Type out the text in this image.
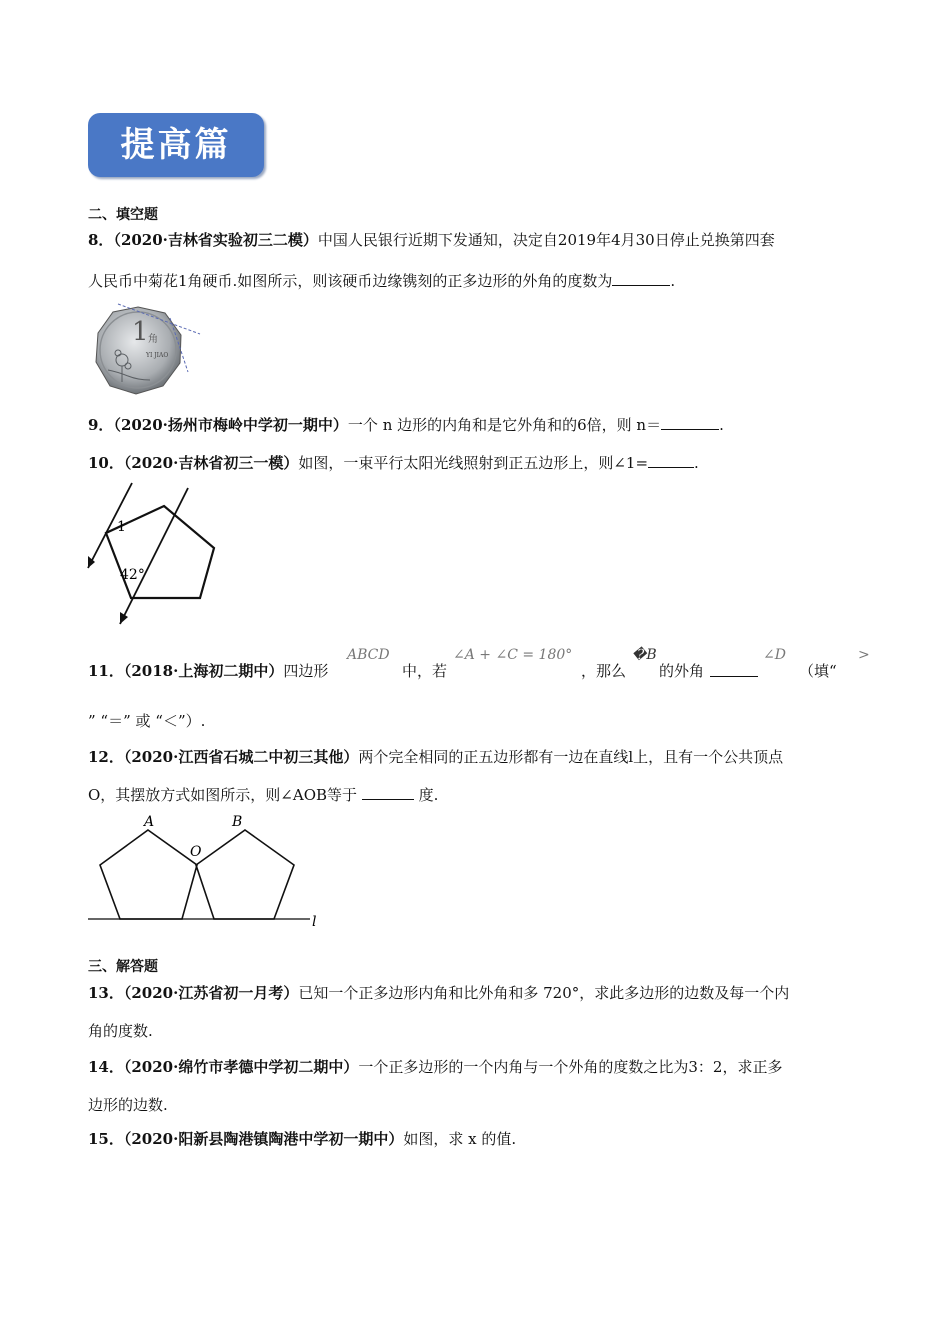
提高篇
二、填空题
8．（2020·吉林省实验初三二模）中国人民银行近期下发通知，决定自2019年4月30日停止兑换第四套
人民币中菊花1角硬币.如图所示，则该硬币边缘镌刻的正多边形的外角的度数为	.
1 角
YI JIAO
9．（2020·扬州市梅岭中学初一期中）一个 n 边形的内角和是它外角和的6倍，则 n＝	.
10．（2020·吉林省初三一模）如图，一束平行太阳光线照射到正五边形上，则∠1=	.
1
42°
11．（2018·上海初二期中）四边形
ABCD
中，若
∠A + ∠C = 180°
，那么
�B
的外角
∠D
（填“
>
” “＝” 或 “＜”）.
12．（2020·江西省石城二中初三其他）两个完全相同的正五边形都有一边在直线l上，且有一个公共顶点
O，其摆放方式如图所示，则∠AOB等于	度.
A	B
O
l
三、解答题
13．（2020·江苏省初一月考）已知一个正多边形内角和比外角和多 720°，求此多边形的边数及每一个内
角的度数.
14．（2020·绵竹市孝德中学初二期中）一个正多边形的一个内角与一个外角的度数之比为3：2，求正多
边形的边数.
15．（2020·阳新县陶港镇陶港中学初一期中）如图，求 x 的值.
